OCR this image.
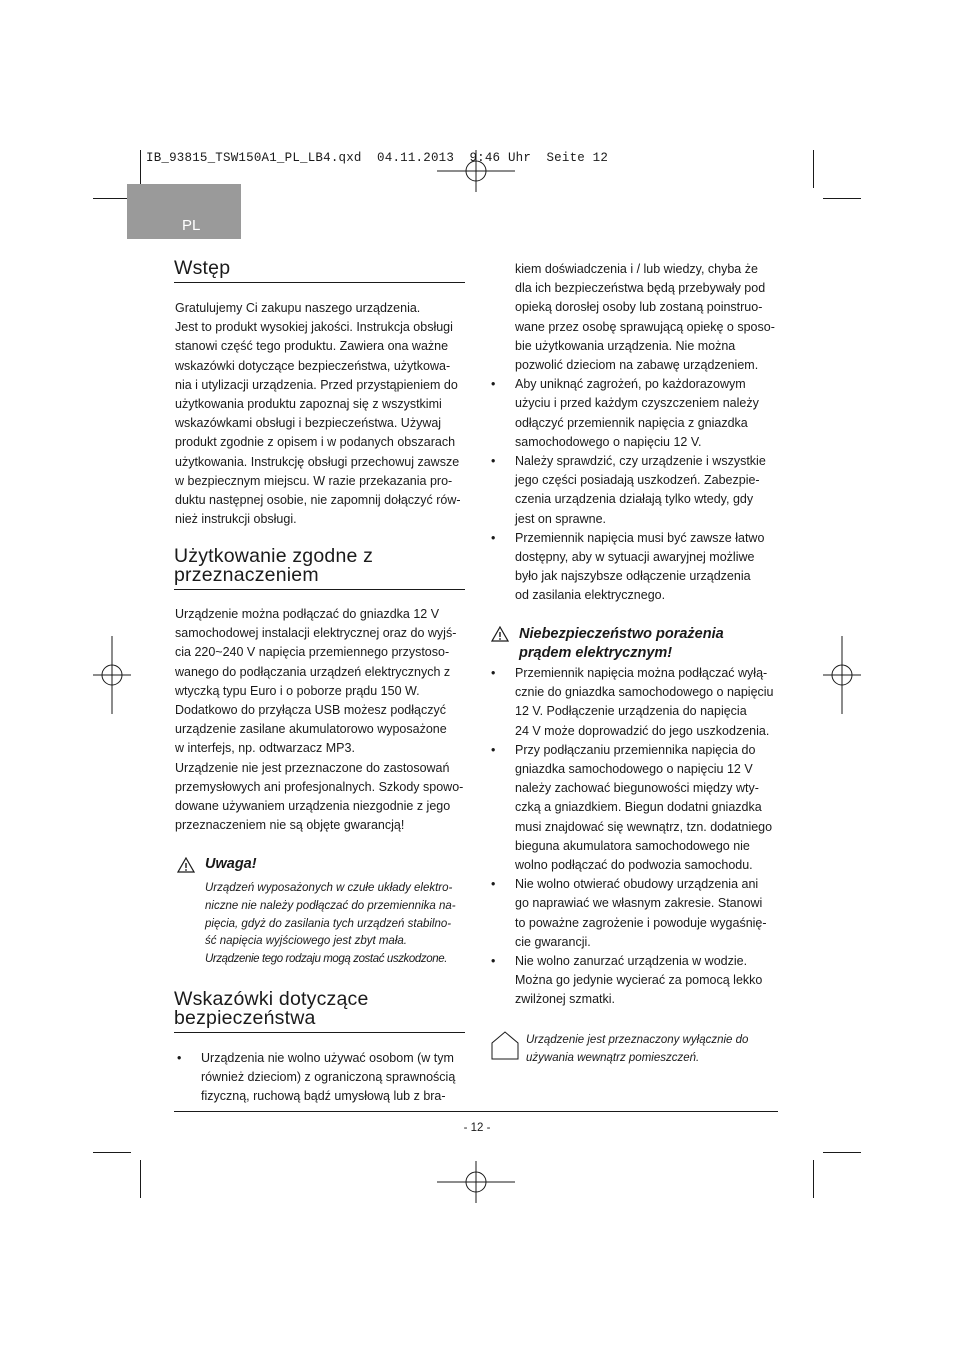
IB_93815_TSW150A1_PL_LB4.qxd  04.11.2013  9:46 Uhr  Seite 12
PL
Wstęp

Gratulujemy Ci zakupu naszego urządzenia.

Jest to produkt wysokiej jakości. Instrukcja obsługi

stanowi część tego produktu. Zawiera ona ważne

wskazówki dotyczące bezpieczeństwa, użytkowa-

nia i utylizacji urządzenia. Przed przystąpieniem do

użytkowania produktu zapoznaj się z wszystkimi

wskazówkami obsługi i bezpieczeństwa. Używaj

produkt zgodnie z opisem i w podanych obszarach

użytkowania. Instrukcję obsługi przechowuj zawsze

w bezpiecznym miejscu. W razie przekazania pro-

duktu następnej osobie, nie zapomnij dołączyć rów-

nież instrukcji obsługi.

Użytkowanie zgodne z
przeznaczeniem

Urządzenie można podłączać do gniazdka 12 V

samochodowej instalacji elektrycznej oraz do wyjś-

cia 220~240 V napięcia przemiennego przystoso-

wanego do podłączania urządzeń elektrycznych z

wtyczką typu Euro i o poborze prądu 150 W.

Dodatkowo do przyłącza USB możesz podłączyć

urządzenie zasilane akumulatorowo wyposażone

w interfejs, np. odtwarzacz MP3.

Urządzenie nie jest przeznaczone do zastosowań

przemysłowych ani profesjonalnych. Szkody spowo-

dowane używaniem urządzenia niezgodnie z jego

przeznaczeniem nie są objęte gwarancją!

Uwaga!
Urządzeń wyposażonych w czułe układy elektro-
niczne nie należy podłączać do przemiennika na-
pięcia, gdyż do zasilania tych urządzeń stabilno-
ść napięcia wyjściowego jest zbyt mała.
Urządzenie tego rodzaju mogą zostać uszkodzone.
Wskazówki dotyczące
bezpieczeństwa
• Urządzenia nie wolno używać osobom (w tym
również dzieciom) z ograniczoną sprawnością
fizyczną, ruchową bądź umysłową lub z bra-
kiem doświadczenia i / lub wiedzy, chyba że
dla ich bezpieczeństwa będą przebywały pod
opieką dorosłej osoby lub zostaną poinstruo-
wane przez osobę sprawującą opiekę o sposo-
bie użytkowania urządzenia. Nie można
pozwolić dzieciom na zabawę urządzeniem.
• Aby uniknąć zagrożeń, po każdorazowym
użyciu i przed każdym czyszczeniem należy
odłączyć przemiennik napięcia z gniazdka
samochodowego o napięciu 12 V.
• Należy sprawdzić, czy urządzenie i wszystkie
jego części posiadają uszkodzeń. Zabezpie-
czenia urządzenia działają tylko wtedy, gdy
jest on sprawne.
• Przemiennik napięcia musi być zawsze łatwo
dostępny, aby w sytuacji awaryjnej możliwe
było jak najszybsze odłączenie urządzenia
od zasilania elektrycznego.
Niebezpieczeństwo porażenia
prądem elektrycznym!
• Przemiennik napięcia można podłączać wyłą-
cznie do gniazdka samochodowego o napięciu
12 V. Podłączenie urządzenia do napięcia
24 V może doprowadzić do jego uszkodzenia.
• Przy podłączaniu przemiennika napięcia do
gniazdka samochodowego o napięciu 12 V
należy zachować biegunowości między wty-
czką a gniazdkiem. Biegun dodatni gniazdka
musi znajdować się wewnątrz, tzn. dodatniego
bieguna akumulatora samochodowego nie
wolno podłączać do podwozia samochodu.
• Nie wolno otwierać obudowy urządzenia ani
go naprawiać we własnym zakresie. Stanowi
to poważne zagrożenie i powoduje wygaśnię-
cie gwarancji.
• Nie wolno zanurzać urządzenia w wodzie.
Można go jedynie wycierać za pomocą lekko
zwilżonej szmatki.
Urządzenie jest przeznaczony wyłącznie do
używania wewnątrz pomieszczeń.
- 12 -
